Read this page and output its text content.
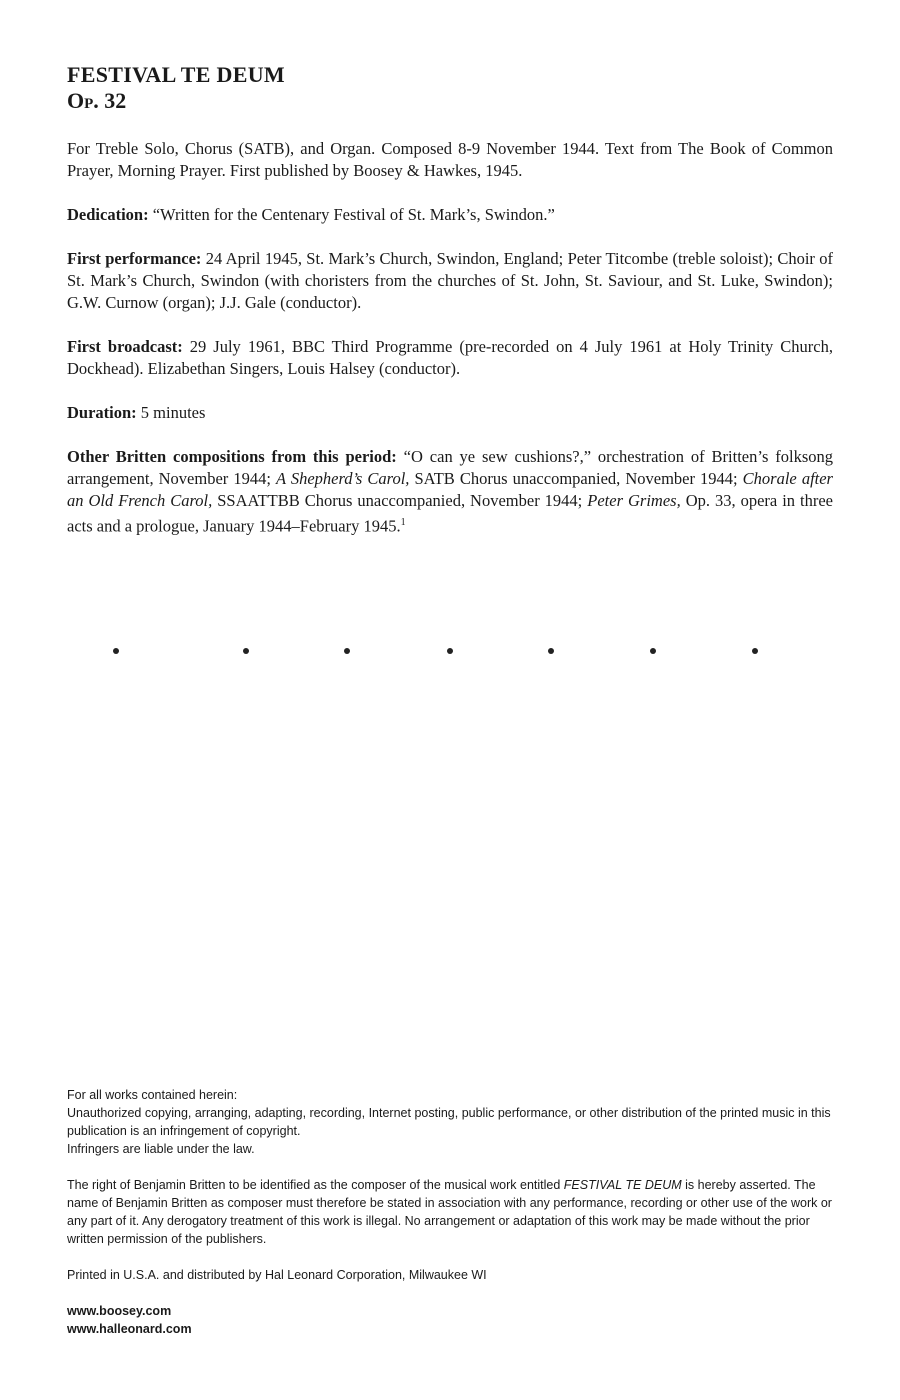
FESTIVAL TE DEUM
Op. 32

For Treble Solo, Chorus (SATB), and Organ. Composed 8-9 November 1944. Text from The Book of Common Prayer, Morning Prayer. First published by Boosey & Hawkes, 1945.

Dedication: “Written for the Centenary Festival of St. Mark’s, Swindon.”

First performance: 24 April 1945, St. Mark’s Church, Swindon, England; Peter Titcombe (treble soloist); Choir of St. Mark’s Church, Swindon (with choristers from the churches of St. John, St. Saviour, and St. Luke, Swindon); G.W. Curnow (organ); J.J. Gale (conductor).

First broadcast: 29 July 1961, BBC Third Programme (pre-recorded on 4 July 1961 at Holy Trinity Church, Dockhead). Elizabethan Singers, Louis Halsey (conductor).

Duration: 5 minutes

Other Britten compositions from this period: “O can ye sew cushions?,” orchestration of Britten’s folksong arrangement, November 1944; A Shepherd’s Carol, SATB Chorus unaccompanied, November 1944; Chorale after an Old French Carol, SSAATTBB Chorus unaccompanied, November 1944; Peter Grimes, Op. 33, opera in three acts and a prologue, January 1944–February 1945.$^1$

For all works contained herein:
Unauthorized copying, arranging, adapting, recording, Internet posting, public performance, or other distribution of the printed music in this publication is an infringement of copyright.
Infringers are liable under the law.

The right of Benjamin Britten to be identified as the composer of the musical work entitled FESTIVAL TE DEUM is hereby asserted. The name of Benjamin Britten as composer must therefore be stated in association with any performance, recording or other use of the work or any part of it. Any derogatory treatment of this work is illegal. No arrangement or adaptation of this work may be made without the prior written permission of the publishers.

Printed in U.S.A. and distributed by Hal Leonard Corporation, Milwaukee WI

www.boosey.com
www.halleonard.com
